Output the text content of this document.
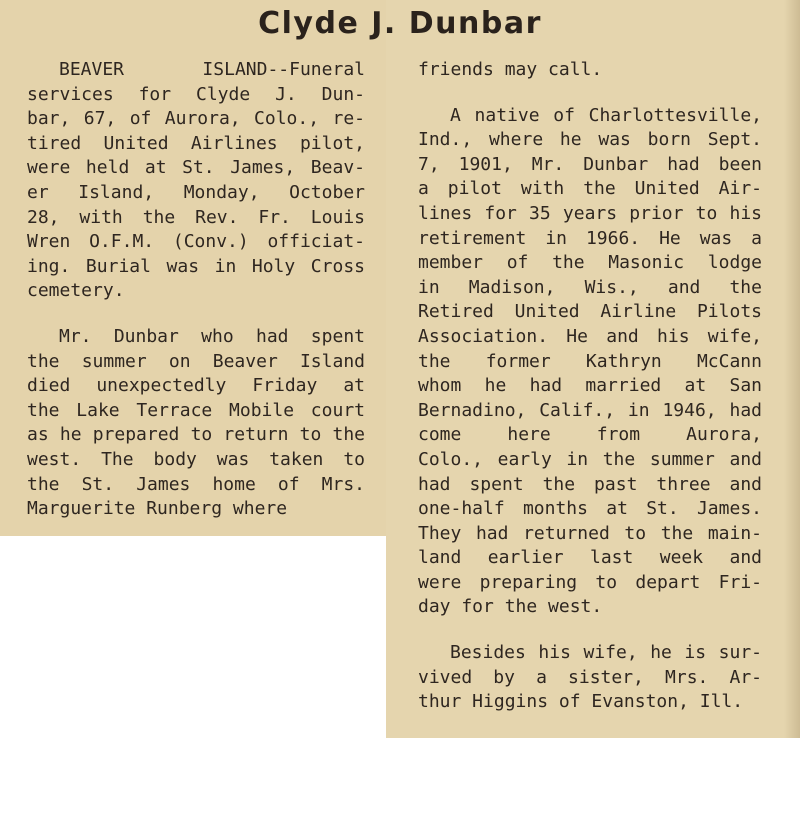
Clyde J. Dunbar
BEAVER ISLAND--Funeral
services for Clyde J. Dun-
bar, 67, of Aurora, Colo., re-
tired United Airlines pilot,
were held at St. James, Beav-
er Island, Monday, October
28, with the Rev. Fr. Louis
Wren O.F.M. (Conv.) officiat-
ing. Burial was in Holy Cross
cemetery.
Mr. Dunbar who had spent
the summer on Beaver Island
died unexpectedly Friday at
the Lake Terrace Mobile court
as he prepared to return to the
west. The body was taken to
the St. James home of Mrs.
Marguerite Runberg where
friends may call.
A native of Charlottesville,
Ind., where he was born Sept.
7, 1901, Mr. Dunbar had been
a pilot with the United Air-
lines for 35 years prior to his
retirement in 1966. He was a
member of the Masonic lodge
in Madison, Wis., and the
Retired United Airline Pilots
Association. He and his wife,
the former Kathryn McCann
whom he had married at San
Bernadino, Calif., in 1946, had
come here from Aurora,
Colo., early in the summer and
had spent the past three and
one-half months at St. James.
They had returned to the main-
land earlier last week and
were preparing to depart Fri-
day for the west.
Besides his wife, he is sur-
vived by a sister, Mrs. Ar-
thur Higgins of Evanston, Ill.
